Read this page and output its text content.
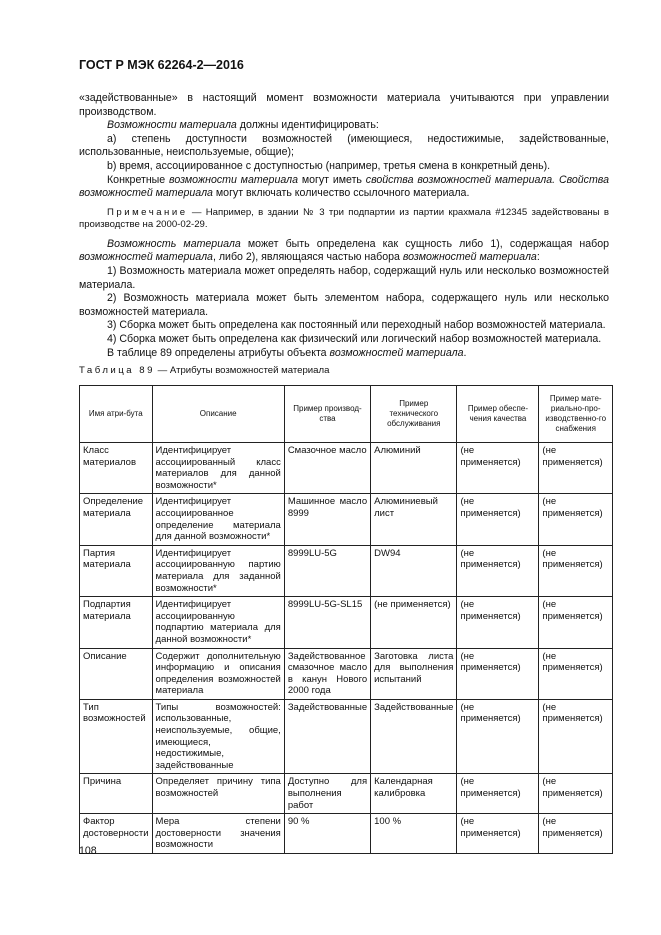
ГОСТ Р МЭК 62264-2—2016

«задействованные» в настоящий момент возможности материала учитываются при управлении производством.

Возможности материала должны идентифицировать:

a) степень доступности возможностей (имеющиеся, недостижимые, задействованные, использованные, неиспользуемые, общие);

b) время, ассоциированное с доступностью (например, третья смена в конкретный день).

Конкретные возможности материала могут иметь свойства возможностей материала. Свойства возможностей материала могут включать количество ссылочного материала.

Примечание — Например, в здании № 3 три подпартии из партии крахмала #12345 задействованы в производстве на 2000-02-29.

Возможность материала может быть определена как сущность либо 1), содержащая набор возможностей материала, либо 2), являющаяся частью набора возможностей материала:

1) Возможность материала может определять набор, содержащий нуль или несколько возможностей материала.

2) Возможность материала может быть элементом набора, содержащего нуль или несколько возможностей материала.

3) Сборка может быть определена как постоянный или переходный набор возможностей материала.

4) Сборка может быть определена как физический или логический набор возможностей материала.

В таблице 89 определены атрибуты объекта возможностей материала.

Таблица 89 — Атрибуты возможностей материала
Имя атри-бута	Описание	Пример производ-ства	Пример технического обслуживания	Пример обеспе-чения качества	Пример мате-риально-про-изводственно-го снабжения
Класс материалов	Идентифицирует ассоциированный класс материалов для данной возможности*	Смазочное масло	Алюминий	(не применяется)	(не применяется)
Определение материала	Идентифицирует ассоциированное определение материала для данной возможности*	Машинное масло 8999	Алюминиевый лист	(не применяется)	(не применяется)
Партия материала	Идентифицирует ассоциированную партию материала для заданной возможности*	8999LU-5G	DW94	(не применяется)	(не применяется)
Подпартия материала	Идентифицирует ассоциированную подпартию материала для данной возможности*	8999LU-5G-SL15	(не применяется)	(не применяется)	(не применяется)
Описание	Содержит дополнительную информацию и описания определения возможностей материала	Задействованное смазочное масло в канун Нового 2000 года	Заготовка листа для выполнения испытаний	(не применяется)	(не применяется)
Тип возможностей	Типы возможностей: использованные, неиспользуемые, общие, имеющиеся, недостижимые, задействованные	Задействованные	Задействованные	(не применяется)	(не применяется)
Причина	Определяет причину типа возможностей	Доступно для выполнения работ	Календарная калибровка	(не применяется)	(не применяется)
Фактор достоверности	Мера степени достоверности значения возможности	90 %	100 %	(не применяется)	(не применяется)
108
